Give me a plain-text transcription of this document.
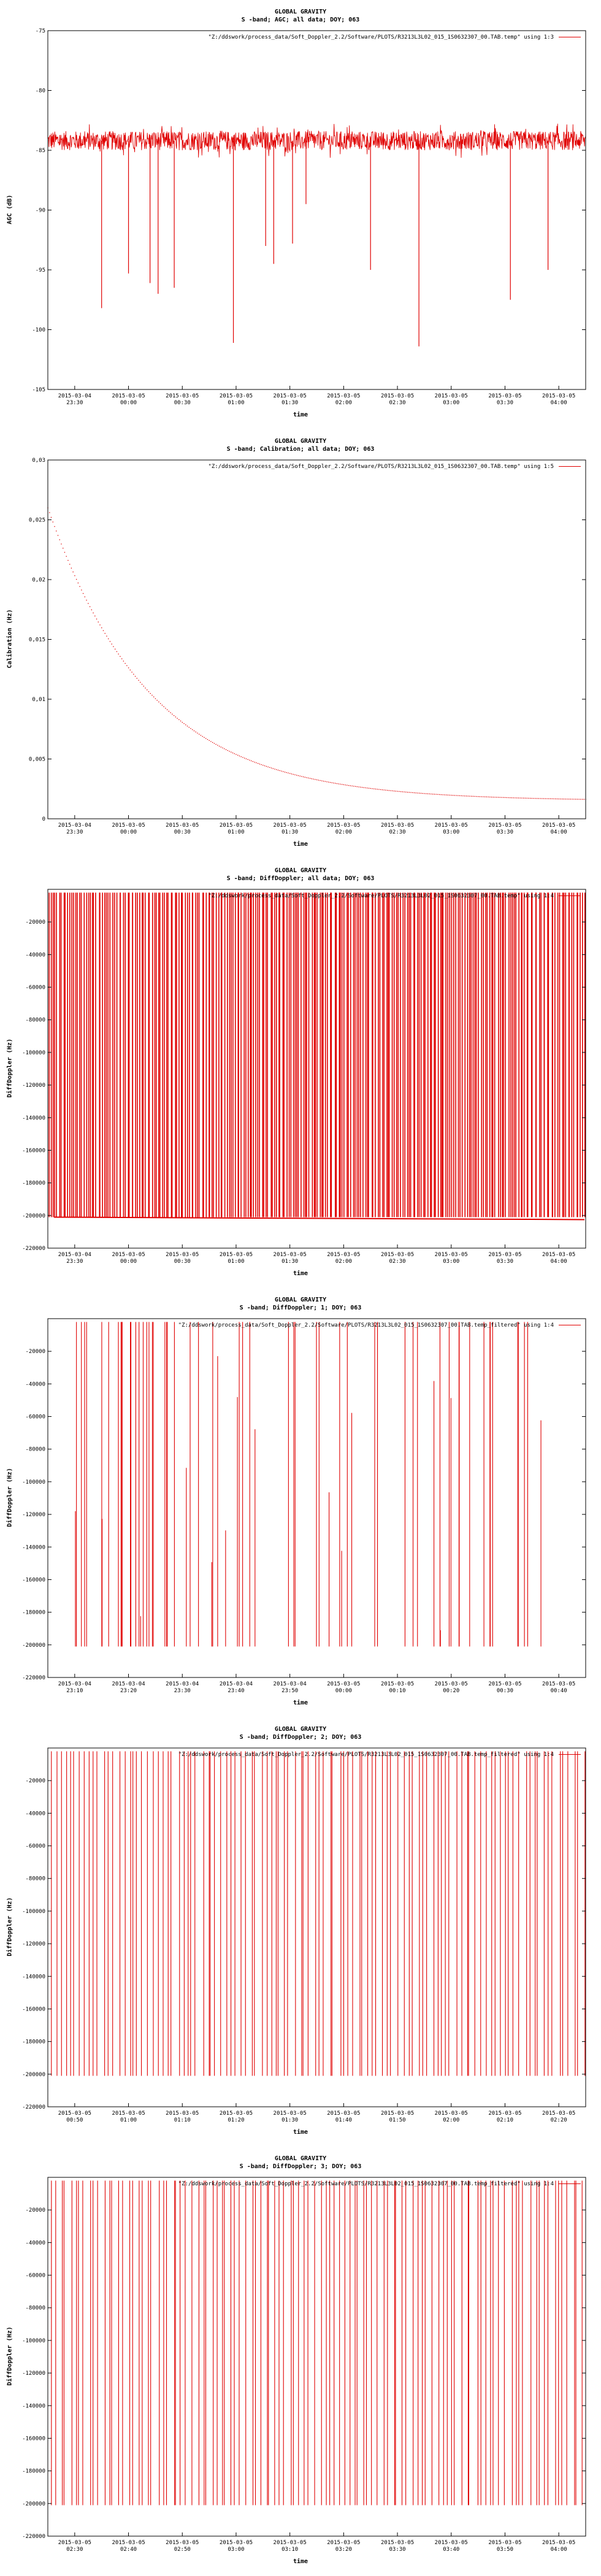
GLOBAL GRAVITY
S -band; AGC; all data; DOY; 063
AGC (dB)
time
-75
-80
-85
-90
-95
-100
-105
2015-03-04 23:30
2015-03-05 00:00
2015-03-05 00:30
2015-03-05 01:00
2015-03-05 01:30
2015-03-05 02:00
2015-03-05 02:30
2015-03-05 03:00
2015-03-05 03:30
2015-03-05 04:00
"Z:/ddswork/process_data/Soft_Doppler_2.2/Software/PLOTS/R3213L3L02_015_1S0632307_00.TAB.temp" using 1:3
GLOBAL GRAVITY
S -band; Calibration; all data; DOY; 063
Calibration (Hz)
time
0
0,005
0,01
0,015
0,02
0,025
0,03
2015-03-04 23:30
2015-03-05 00:00
2015-03-05 00:30
2015-03-05 01:00
2015-03-05 01:30
2015-03-05 02:00
2015-03-05 02:30
2015-03-05 03:00
2015-03-05 03:30
2015-03-05 04:00
"Z:/ddswork/process_data/Soft_Doppler_2.2/Software/PLOTS/R3213L3L02_015_1S0632307_00.TAB.temp" using 1:5
GLOBAL GRAVITY
S -band; DiffDoppler; all data; DOY; 063
DiffDoppler (Hz)
time
-20000
-40000
-60000
-80000
-100000
-120000
-140000
-160000
-180000
-200000
-220000
2015-03-04 23:30
2015-03-05 00:00
2015-03-05 00:30
2015-03-05 01:00
2015-03-05 01:30
2015-03-05 02:00
2015-03-05 02:30
2015-03-05 03:00
2015-03-05 03:30
2015-03-05 04:00
"Z:/ddswork/process_data/Soft_Doppler_2.2/Software/PLOTS/R3213L3L02_015_1S0632307_00.TAB.temp" using 1:4
GLOBAL GRAVITY
S -band; DiffDoppler; 1; DOY; 063
DiffDoppler (Hz)
time
-20000
-40000
-60000
-80000
-100000
-120000
-140000
-160000
-180000
-200000
-220000
2015-03-04 23:10
2015-03-04 23:20
2015-03-04 23:30
2015-03-04 23:40
2015-03-04 23:50
2015-03-05 00:00
2015-03-05 00:10
2015-03-05 00:20
2015-03-05 00:30
2015-03-05 00:40
"Z:/ddswork/process_data/Soft_Doppler_2.2/Software/PLOTS/R3213L3L02_015_1S0632307_00.TAB.temp_filtered" using 1:4
GLOBAL GRAVITY
S -band; DiffDoppler; 2; DOY; 063
DiffDoppler (Hz)
time
-20000
-40000
-60000
-80000
-100000
-120000
-140000
-160000
-180000
-200000
-220000
2015-03-05 00:50
2015-03-05 01:00
2015-03-05 01:10
2015-03-05 01:20
2015-03-05 01:30
2015-03-05 01:40
2015-03-05 01:50
2015-03-05 02:00
2015-03-05 02:10
2015-03-05 02:20
"Z:/ddswork/process_data/Soft_Doppler_2.2/Software/PLOTS/R3213L3L02_015_1S0632307_00.TAB.temp_filtered" using 1:4
GLOBAL GRAVITY
S -band; DiffDoppler; 3; DOY; 063
DiffDoppler (Hz)
time
-20000
-40000
-60000
-80000
-100000
-120000
-140000
-160000
-180000
-200000
-220000
2015-03-05 02:30
2015-03-05 02:40
2015-03-05 02:50
2015-03-05 03:00
2015-03-05 03:10
2015-03-05 03:20
2015-03-05 03:30
2015-03-05 03:40
2015-03-05 03:50
2015-03-05 04:00
"Z:/ddswork/process_data/Soft_Doppler_2.2/Software/PLOTS/R3213L3L02_015_1S0632307_00.TAB.temp_filtered" using 1:4
